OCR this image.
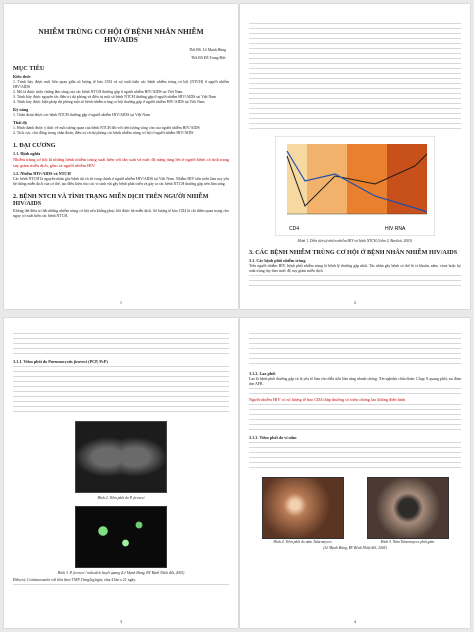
NHIỄM TRÙNG CƠ HỘI Ở BỆNH NHÂN NHIỄM HIV/AIDS
ThS.BS. Lê Mạnh Hùng
ThS.BS Đỗ Trung Đức
MỤC TIÊU
Kiến thức
1. Trình bày được mối liên quan giữa số lượng tế bào CD4 và sự xuất hiện các bệnh nhiễm trùng cơ hội (NTCH) ở người nhiễm HIV/AIDS
2. Mô tả được triệu chứng lâm sàng của các bệnh NTCH thường gặp ở người nhiễm HIV/AIDS tại Việt Nam
3. Trình bày được nguyên tắc điều trị dự phòng và điều trị một số bệnh NTCH thường gặp ở người nhiễm HIV/AIDS tại Việt Nam
4. Trình bày được biện pháp dự phòng một số bệnh nhiễm trùng cơ hội thường gặp ở người nhiễm HIV/AIDS tại Việt Nam
Kỹ năng
1. Chẩn đoán được các bệnh NTCH thường gặp ở người nhiễm HIV/AIDS tại Việt Nam
Thái độ
1. Hình thành được ý thức về mối tương quan của bệnh NTCH đối với tiến lượng sống còn của người nhiễm HIV/AIDS
2. Tích cực, chủ động trong chẩn đoán, điều trị và dự phòng các bệnh nhiễm trùng cơ hội ở người nhiễm HIV/AIDS
1. ĐẠI CƯƠNG
1.1. Định nghĩa
Nhiễm trùng cơ hội là những bệnh nhiễm trùng xuất hiện với tần suất và mức độ nặng tăng lên ở người bệnh có tình trạng suy giảm miễn dịch, gồm cả người nhiễm HIV.
1.2. Nhiễm HIV/AIDS và NTCH
Các bệnh NTCH là nguyên nhân gây bệnh tật và tử vong chính ở người nhiễm HIV/AIDS tại Việt Nam. Nhiễm HIV tiến triển làm suy yếu hệ thống miễn dịch của cơ thể, tạo điều kiện cho các vi sinh vật gây bệnh phát triển và gây ra các bệnh NTCH thường gặp trên lâm sàng.
2. BỆNH NTCH VÀ TÌNH TRẠNG MIỄN DỊCH TRÊN NGƯỜI NHIỄM HIV/AIDS
Không thể điều trị hết những nhiễm trùng cơ hội nếu không phục hồi được hệ miễn dịch. Số lượng tế bào CD4 là chỉ điểm quan trọng cho nguy cơ xuất hiện các bệnh NTCH.
1
CD4	HIV RNA
Hình 1. Diễn tiến tự nhiên nhiễm HIV và bệnh NTCH (John G Bartlett, 2003)
3. CÁC BỆNH NHIỄM TRÙNG CƠ HỘI Ở BỆNH NHÂN NHIỄM HIV/AIDS
3.1. Các bệnh phổi nhiễm trùng
Trên người nhiễm HIV, bệnh phổi nhiễm trùng là bệnh lý thường gặp nhất. Tác nhân gây bệnh có thể là vi khuẩn, nấm, virus hoặc ký sinh trùng tùy theo mức độ suy giảm miễn dịch.
2
3.1.1. Viêm phổi do Pneumocystis jiroveci (PCP, PcP)
Hình 2. Viêm phổi do P. jiroveci
Hình 3. P. jiroveci / mẫu dịch huyết quang (Lê Mạnh Hùng, BV Bệnh Nhiệt đới, 2005)
Điều trị: Cotrimoxazole với liều theo TMP 15mg/kg/ngày chia 4 lần x 21 ngày.
3
3.1.2. Lao phổi
Lao là bệnh phổi thường gặp và là yếu tố làm cho diễn tiến lâm sàng nhanh chóng. Xét nghiệm chẩn đoán: Chụp X quang phổi, soi đàm tìm AFB.
Người nhiễm HIV có số lượng tế bào CD4 thấp thường có triệu chứng lao không điển hình
3.1.3. Viêm phổi do vi nấm
Hình 4. Viêm phổi do nấm Talaromyces	Hình 5. Nấm Talaromyces phổi gián
(Lê Mạnh Hùng, BV Bệnh Nhiệt đới, 2005)
4
